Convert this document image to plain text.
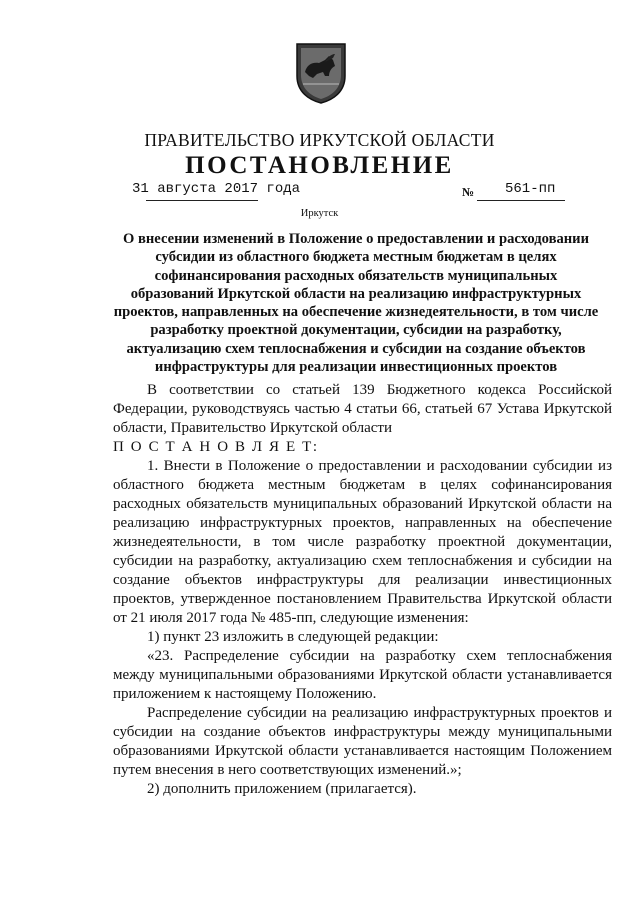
ПРАВИТЕЛЬСТВО ИРКУТСКОЙ ОБЛАСТИ
ПОСТАНОВЛЕНИЕ
31 августа 2017 года	№ 561-пп
Иркутск
О внесении изменений в Положение о предоставлении и расходовании субсидии из областного бюджета местным бюджетам в целях софинансирования расходных обязательств муниципальных образований Иркутской области на реализацию инфраструктурных проектов, направленных на обеспечение жизнедеятельности, в том числе разработку проектной документации, субсидии на разработку, актуализацию схем теплоснабжения и субсидии на создание объектов инфраструктуры для реализации инвестиционных проектов

В соответствии со статьей 139 Бюджетного кодекса Российской Федерации, руководствуясь частью 4 статьи 66, статьей 67 Устава Иркутской области, Правительство Иркутской области

П О С Т А Н О В Л Я Е Т:

1. Внести в Положение о предоставлении и расходовании субсидии из областного бюджета местным бюджетам в целях софинансирования расходных обязательств муниципальных образований Иркутской области на реализацию инфраструктурных проектов, направленных на обеспечение жизнедеятельности, в том числе разработку проектной документации, субсидии на разработку, актуализацию схем теплоснабжения и субсидии на создание объектов инфраструктуры для реализации инвестиционных проектов, утвержденное постановлением Правительства Иркутской области от 21 июля 2017 года № 485-пп, следующие изменения:

1) пункт 23 изложить в следующей редакции:

«23. Распределение субсидии на разработку схем теплоснабжения между муниципальными образованиями Иркутской области устанавливается приложением к настоящему Положению.

Распределение субсидии на реализацию инфраструктурных проектов и субсидии на создание объектов инфраструктуры между муниципальными образованиями Иркутской области устанавливается настоящим Положением путем внесения в него соответствующих изменений.»;

2) дополнить приложением (прилагается).
